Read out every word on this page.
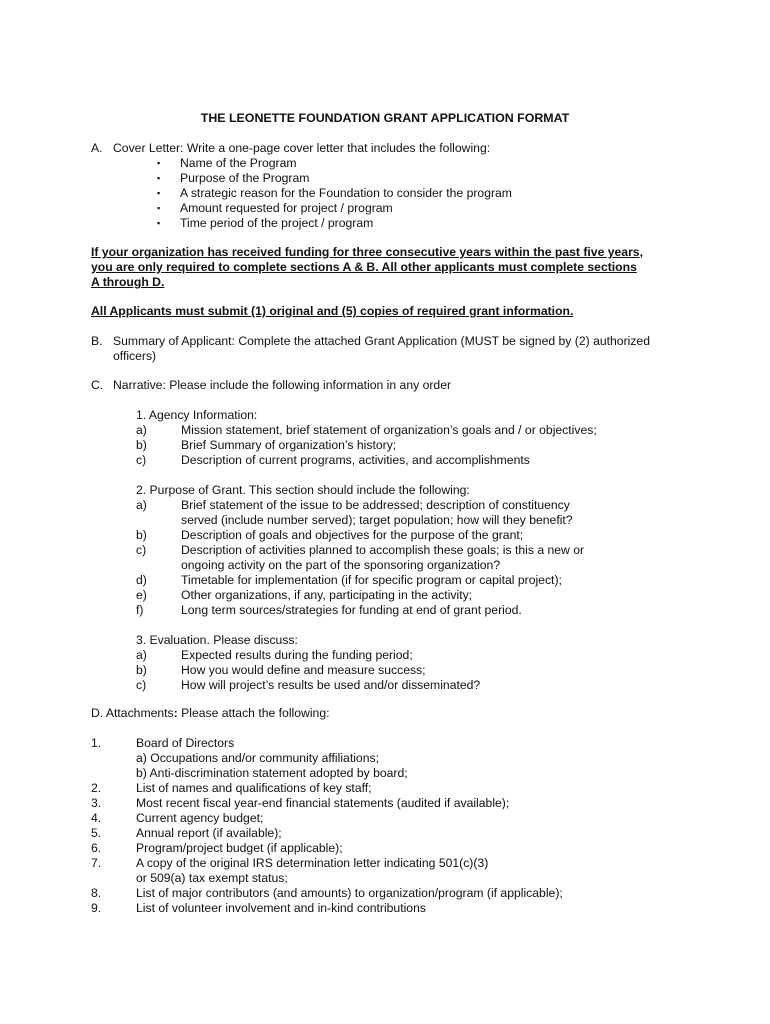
THE LEONETTE FOUNDATION GRANT APPLICATION FORMAT
A. Cover Letter: Write a one-page cover letter that includes the following:
▪ Name of the Program
▪ Purpose of the Program
▪ A strategic reason for the Foundation to consider the program
▪ Amount requested for project / program
▪ Time period of the project / program
If your organization has received funding for three consecutive years within the past five years,
you are only required to complete sections A & B. All other applicants must complete sections
A through D.
All Applicants must submit (1) original and (5) copies of required grant information.
B. Summary of Applicant: Complete the attached Grant Application (MUST be signed by (2) authorized
officers)
C. Narrative: Please include the following information in any order
1. Agency Information:
a)	Mission statement, brief statement of organization’s goals and / or objectives;
b)	Brief Summary of organization’s history;
c)	Description of current programs, activities, and accomplishments
2. Purpose of Grant. This section should include the following:
a)	Brief statement of the issue to be addressed; description of constituency
served (include number served); target population; how will they benefit?
b)	Description of goals and objectives for the purpose of the grant;
c)	Description of activities planned to accomplish these goals; is this a new or
ongoing activity on the part of the sponsoring organization?
d)	Timetable for implementation (if for specific program or capital project);
e)	Other organizations, if any, participating in the activity;
f)	Long term sources/strategies for funding at end of grant period.
3. Evaluation. Please discuss:
a)	Expected results during the funding period;
b)	How you would define and measure success;
c)	How will project’s results be used and/or disseminated?
D. Attachments: Please attach the following:
1.	Board of Directors
a) Occupations and/or community affiliations;
b) Anti-discrimination statement adopted by board;
2.	List of names and qualifications of key staff;
3.	Most recent fiscal year-end financial statements (audited if available);
4.	Current agency budget;
5.	Annual report (if available);
6.	Program/project budget (if applicable);
7.	A copy of the original IRS determination letter indicating 501(c)(3)
or 509(a) tax exempt status;
8.	List of major contributors (and amounts) to organization/program (if applicable);
9.	List of volunteer involvement and in-kind contributions
